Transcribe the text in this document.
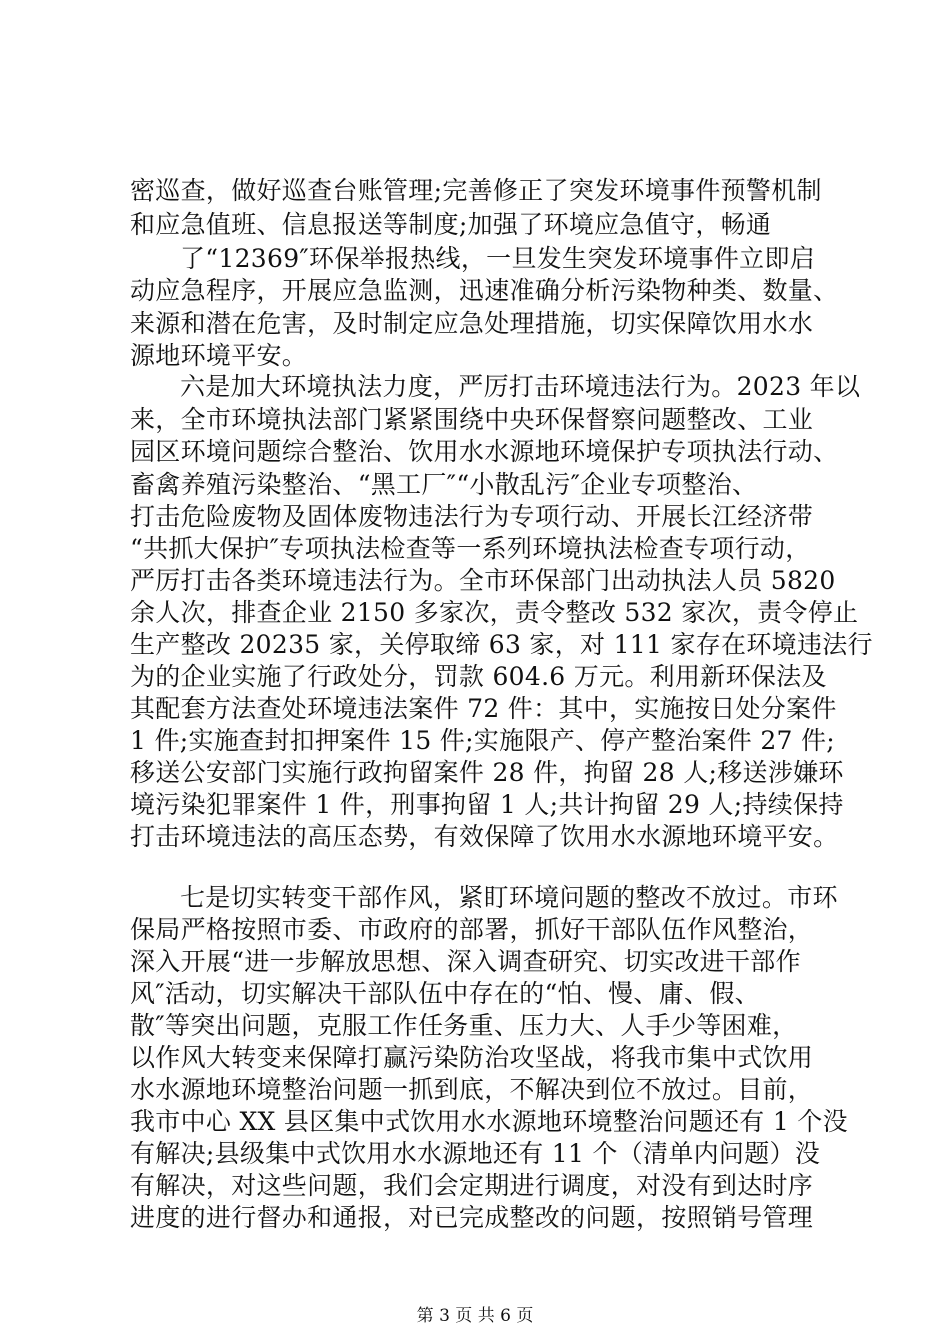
密巡查，做好巡查台账管理;完善修正了突发环境事件预警机制
和应急值班、信息报送等制度;加强了环境应急值守，畅通
了“12369″环保举报热线，一旦发生突发环境事件立即启
动应急程序，开展应急监测，迅速准确分析污染物种类、数量、
来源和潜在危害，及时制定应急处理措施，切实保障饮用水水
源地环境平安。
六是加大环境执法力度，严厉打击环境违法行为。2023 年以
来，全市环境执法部门紧紧围绕中央环保督察问题整改、工业
园区环境问题综合整治、饮用水水源地环境保护专项执法行动、
畜禽养殖污染整治、“黑工厂″“小散乱污″企业专项整治、
打击危险废物及固体废物违法行为专项行动、开展长江经济带
“共抓大保护″专项执法检查等一系列环境执法检查专项行动，
严厉打击各类环境违法行为。全市环保部门出动执法人员 5820
余人次，排查企业 2150 多家次，责令整改 532 家次，责令停止
生产整改 20235 家，关停取缔 63 家，对 111 家存在环境违法行
为的企业实施了行政处分，罚款 604.6 万元。利用新环保法及
其配套方法查处环境违法案件 72 件：其中，实施按日处分案件
1 件;实施查封扣押案件 15 件;实施限产、停产整治案件 27 件;
移送公安部门实施行政拘留案件 28 件，拘留 28 人;移送涉嫌环
境污染犯罪案件 1 件，刑事拘留 1 人;共计拘留 29 人;持续保持
打击环境违法的高压态势，有效保障了饮用水水源地环境平安。
七是切实转变干部作风，紧盯环境问题的整改不放过。市环
保局严格按照市委、市政府的部署，抓好干部队伍作风整治，
深入开展“进一步解放思想、深入调查研究、切实改进干部作
风″活动，切实解决干部队伍中存在的“怕、慢、庸、假、
散″等突出问题，克服工作任务重、压力大、人手少等困难，
以作风大转变来保障打赢污染防治攻坚战，将我市集中式饮用
水水源地环境整治问题一抓到底，不解决到位不放过。目前，
我市中心 XX 县区集中式饮用水水源地环境整治问题还有 1 个没
有解决;县级集中式饮用水水源地还有 11 个（清单内问题）没
有解决，对这些问题，我们会定期进行调度，对没有到达时序
进度的进行督办和通报，对已完成整改的问题，按照销号管理
第 3 页 共 6 页
